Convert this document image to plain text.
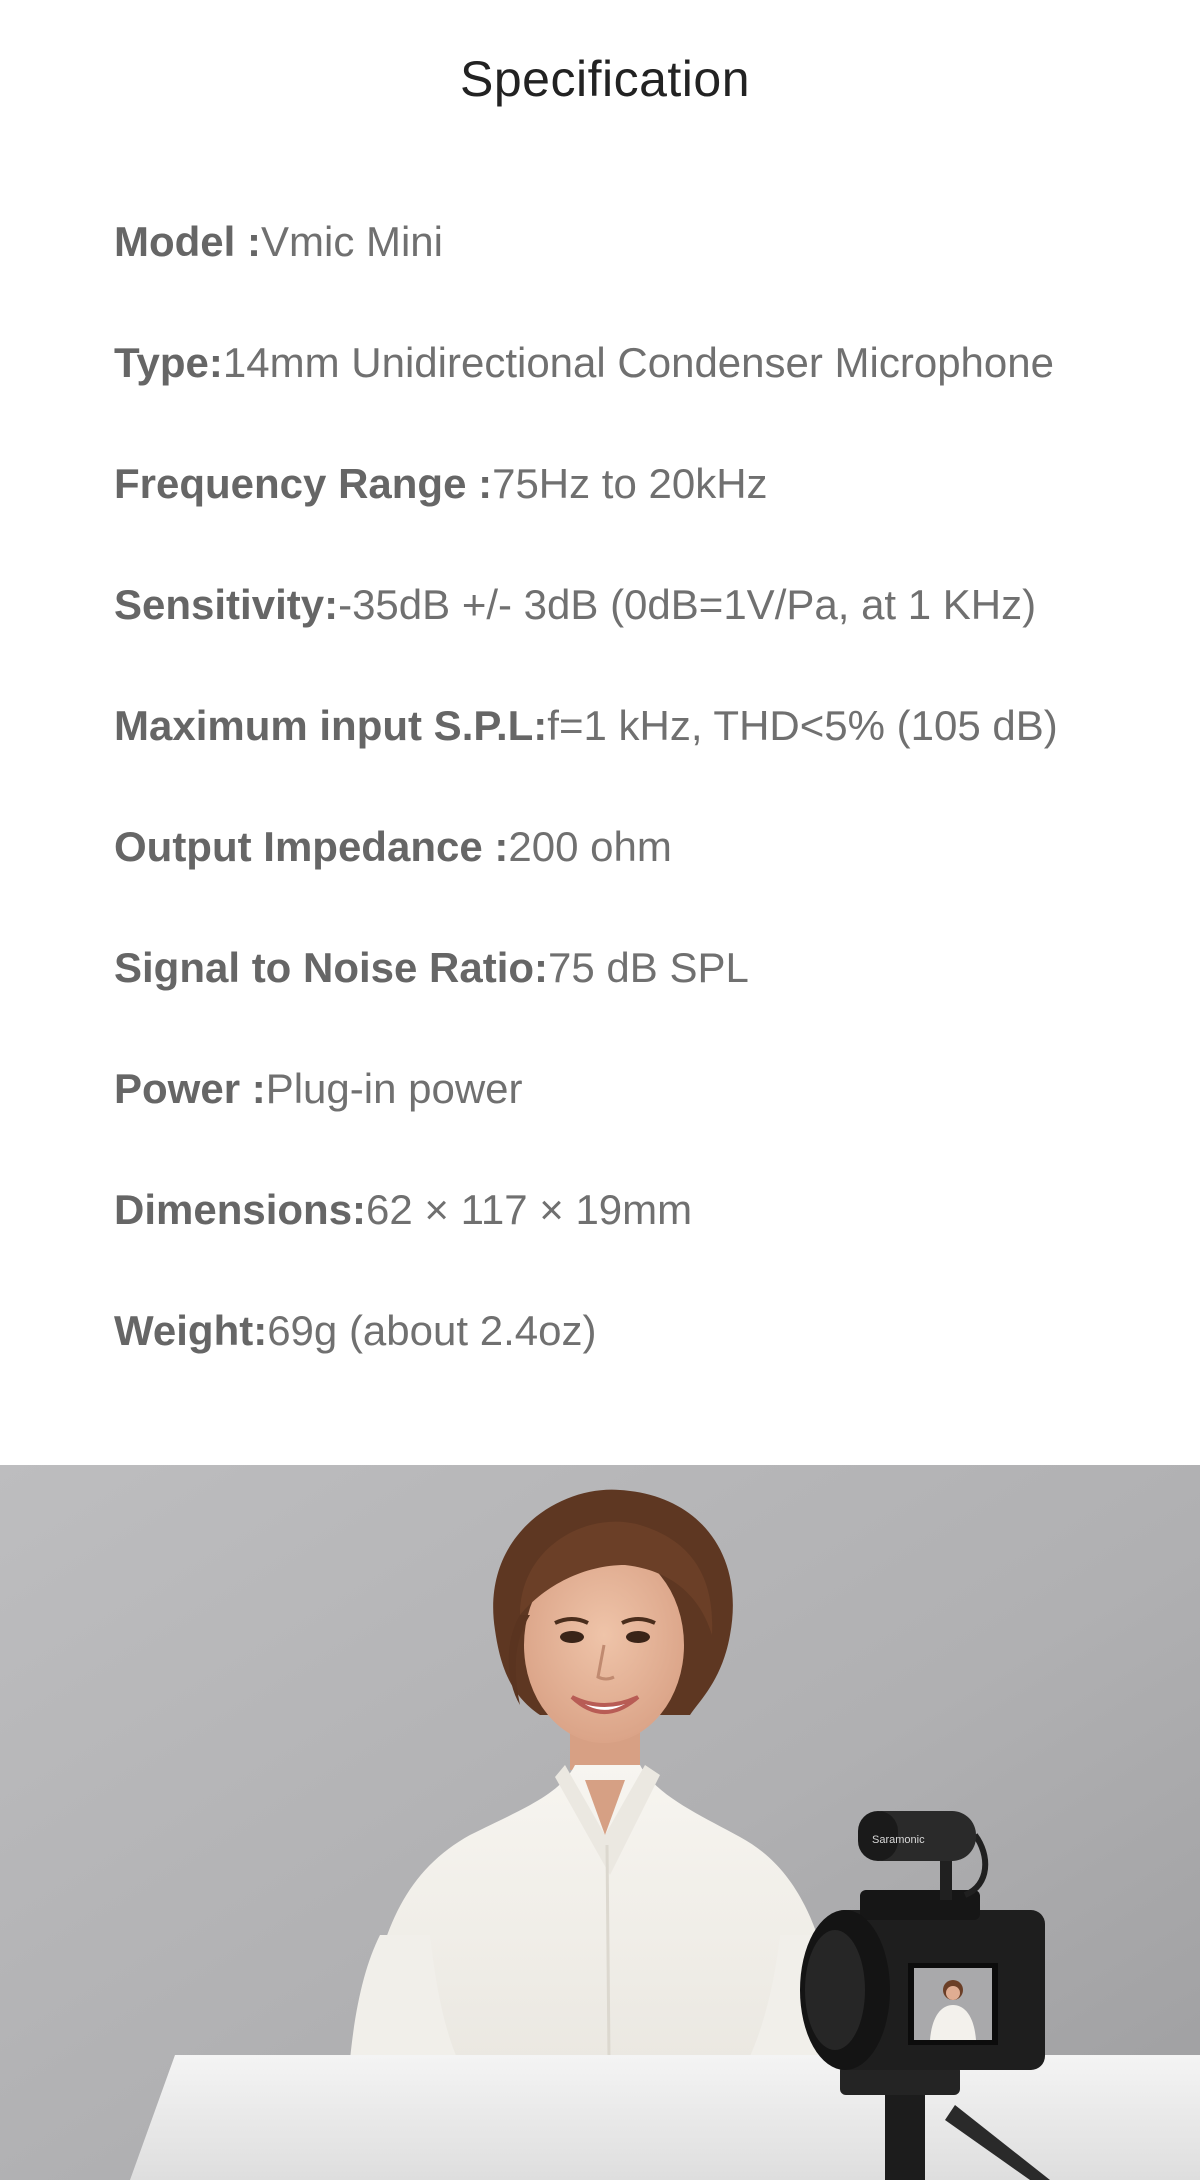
Specification
Model :Vmic Mini
Type:14mm Unidirectional Condenser Microphone
Frequency Range :75Hz to 20kHz
Sensitivity:-35dB +/- 3dB (0dB=1V/Pa, at 1 KHz)
Maximum input S.P.L:f=1 kHz, THD<5% (105 dB)
Output Impedance :200 ohm
Signal to Noise Ratio:75 dB SPL
Power :Plug-in power
Dimensions:62 × 117 × 19mm
Weight:69g (about 2.4oz)
Saramonic
